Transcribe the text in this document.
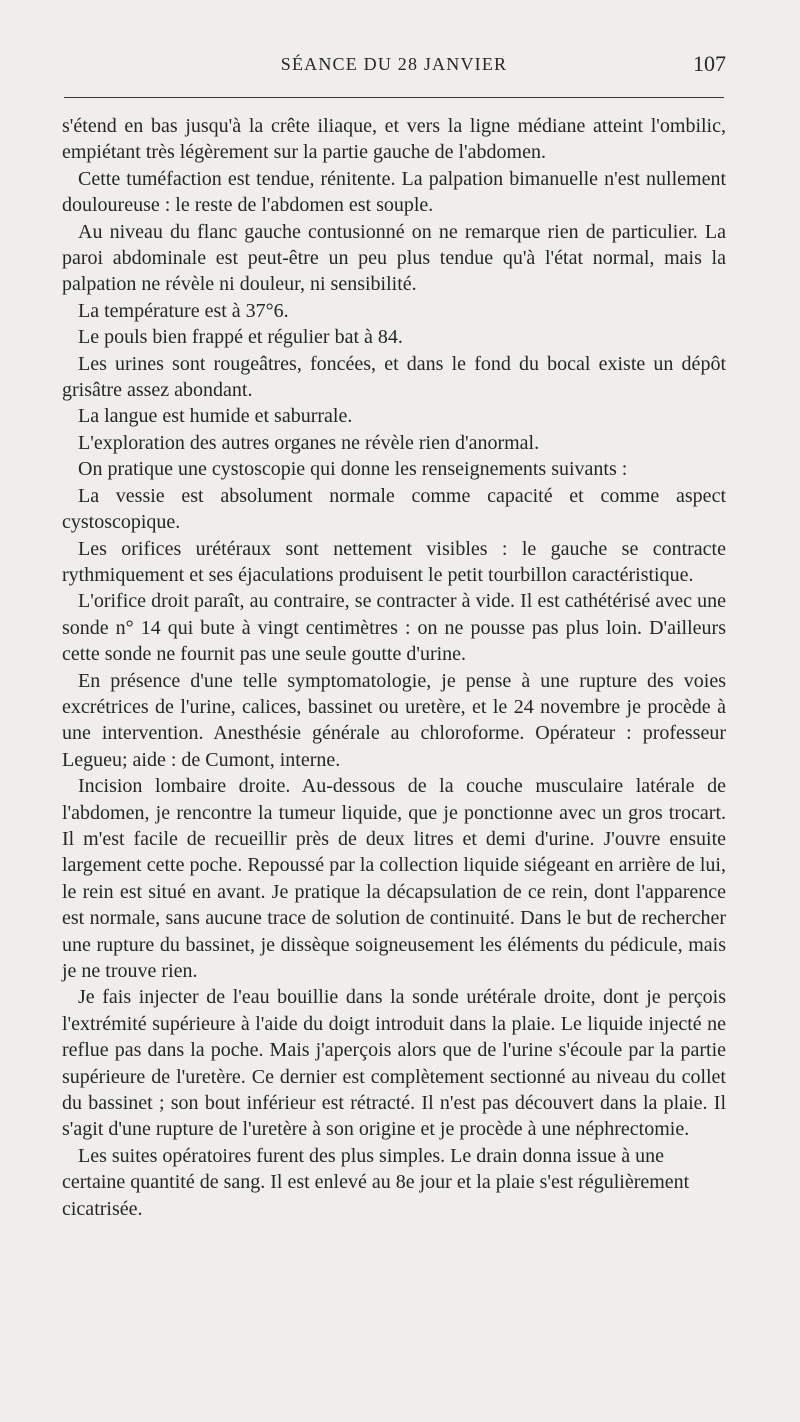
SÉANCE DU 28 JANVIER	107

s'étend en bas jusqu'à la crête iliaque, et vers la ligne médiane atteint l'ombilic, empiétant très légèrement sur la partie gauche de l'abdomen.

Cette tuméfaction est tendue, rénitente. La palpation bimanuelle n'est nullement douloureuse : le reste de l'abdomen est souple.

Au niveau du flanc gauche contusionné on ne remarque rien de particulier. La paroi abdominale est peut-être un peu plus tendue qu'à l'état normal, mais la palpation ne révèle ni douleur, ni sensibilité.

La température est à 37°6.

Le pouls bien frappé et régulier bat à 84.

Les urines sont rougeâtres, foncées, et dans le fond du bocal existe un dépôt grisâtre assez abondant.

La langue est humide et saburrale.

L'exploration des autres organes ne révèle rien d'anormal.

On pratique une cystoscopie qui donne les renseignements suivants :

La vessie est absolument normale comme capacité et comme aspect cystoscopique.

Les orifices urétéraux sont nettement visibles : le gauche se contracte rythmiquement et ses éjaculations produisent le petit tourbillon caractéristique.

L'orifice droit paraît, au contraire, se contracter à vide. Il est cathétérisé avec une sonde n° 14 qui bute à vingt centimètres : on ne pousse pas plus loin. D'ailleurs cette sonde ne fournit pas une seule goutte d'urine.

En présence d'une telle symptomatologie, je pense à une rupture des voies excrétrices de l'urine, calices, bassinet ou uretère, et le 24 novembre je procède à une intervention. Anesthésie générale au chloroforme. Opérateur : professeur Legueu; aide : de Cumont, interne.

Incision lombaire droite. Au-dessous de la couche musculaire latérale de l'abdomen, je rencontre la tumeur liquide, que je ponctionne avec un gros trocart. Il m'est facile de recueillir près de deux litres et demi d'urine. J'ouvre ensuite largement cette poche. Repoussé par la collection liquide siégeant en arrière de lui, le rein est situé en avant. Je pratique la décapsulation de ce rein, dont l'apparence est normale, sans aucune trace de solution de continuité. Dans le but de rechercher une rupture du bassinet, je dissèque soigneusement les éléments du pédicule, mais je ne trouve rien.

Je fais injecter de l'eau bouillie dans la sonde urétérale droite, dont je perçois l'extrémité supérieure à l'aide du doigt introduit dans la plaie. Le liquide injecté ne reflue pas dans la poche. Mais j'aperçois alors que de l'urine s'écoule par la partie supérieure de l'uretère. Ce dernier est complètement sectionné au niveau du collet du bassinet ; son bout inférieur est rétracté. Il n'est pas découvert dans la plaie. Il s'agit d'une rupture de l'uretère à son origine et je procède à une néphrectomie.

Les suites opératoires furent des plus simples. Le drain donna issue à une certaine quantité de sang. Il est enlevé au 8e jour et la plaie s'est régulièrement cicatrisée.
